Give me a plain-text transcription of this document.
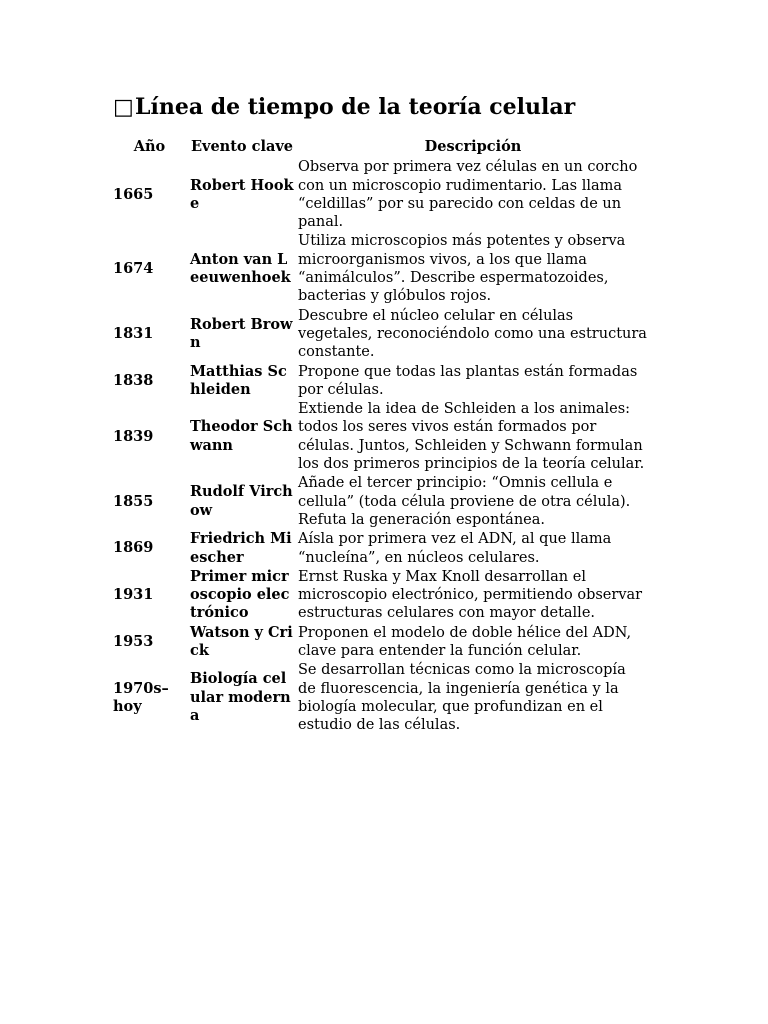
□Línea de tiempo de la teoría celular
Año	Evento clave	Descripción
1665	Robert Hooke	Observa por primera vez células en un corcho con un microscopio rudimentario. Las llama “celdillas” por su parecido con celdas de un panal.
1674	Anton van Leeuwenhoek	Utiliza microscopios más potentes y observa microorganismos vivos, a los que llama “animálculos”. Describe espermatozoides, bacterias y glóbulos rojos.
1831	Robert Brown	Descubre el núcleo celular en células vegetales, reconociéndolo como una estructura constante.
1838	Matthias Schleiden	Propone que todas las plantas están formadas por células.
1839	Theodor Schwann	Extiende la idea de Schleiden a los animales: todos los seres vivos están formados por células. Juntos, Schleiden y Schwann formulan los dos primeros principios de la teoría celular.
1855	Rudolf Virchow	Añade el tercer principio: “Omnis cellula e cellula” (toda célula proviene de otra célula). Refuta la generación espontánea.
1869	Friedrich Miescher	Aísla por primera vez el ADN, al que llama “nucleína”, en núcleos celulares.
1931	Primer microscopio electrónico	Ernst Ruska y Max Knoll desarrollan el microscopio electrónico, permitiendo observar estructuras celulares con mayor detalle.
1953	Watson y Crick	Proponen el modelo de doble hélice del ADN, clave para entender la función celular.
1970s–hoy	Biología celular moderna	Se desarrollan técnicas como la microscopía de fluorescencia, la ingeniería genética y la biología molecular, que profundizan en el estudio de las células.
